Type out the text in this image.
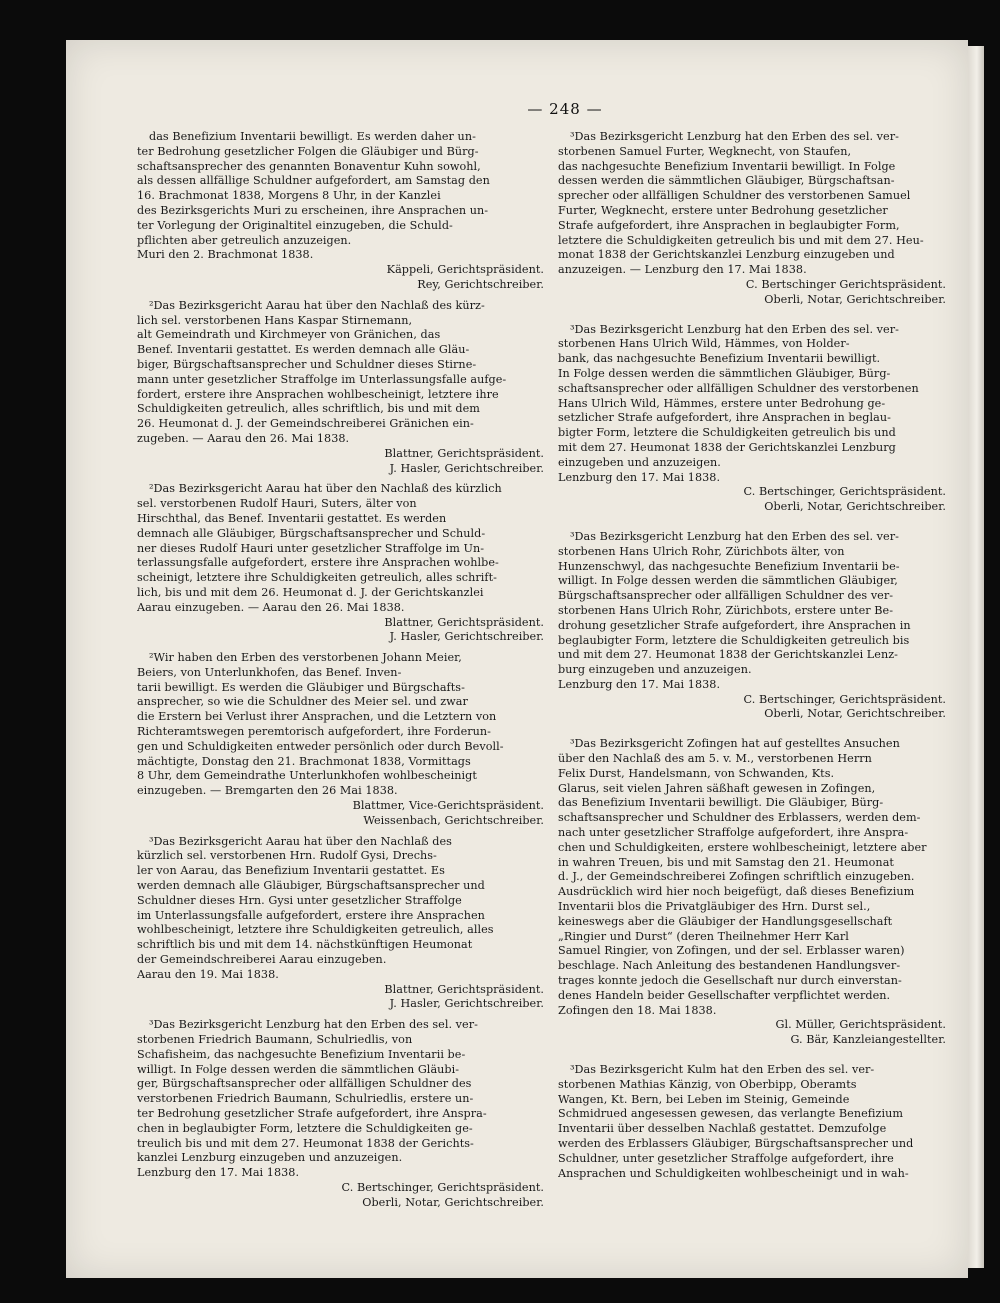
— 248 —
das Benefizium Inventarii bewilligt. Es werden daher un-
ter Bedrohung gesetzlicher Folgen die Gläubiger und Bürg-
schaftsansprecher des genannten Bonaventur Kuhn sowohl,
als dessen allfällige Schuldner aufgefordert, am Samstag den
16. Brachmonat 1838, Morgens 8 Uhr, in der Kanzlei
des Bezirksgerichts Muri zu erscheinen, ihre Ansprachen un-
ter Vorlegung der Originaltitel einzugeben, die Schuld-
pflichten aber getreulich anzuzeigen.
Muri den 2. Brachmonat 1838.
Käppeli, Gerichtspräsident.
Rey, Gerichtschreiber.
²Das Bezirksgericht Aarau hat über den Nachlaß des kürz-
lich sel. verstorbenen Hans Kaspar Stirnemann,
alt Gemeindrath und Kirchmeyer von Gränichen, das
Benef. Inventarii gestattet. Es werden demnach alle Gläu-
biger, Bürgschaftsansprecher und Schuldner dieses Stirne-
mann unter gesetzlicher Straffolge im Unterlassungsfalle aufge-
fordert, erstere ihre Ansprachen wohlbescheinigt, letztere ihre
Schuldigkeiten getreulich, alles schriftlich, bis und mit dem
26. Heumonat d. J. der Gemeindschreiberei Gränichen ein-
zugeben. — Aarau den 26. Mai 1838.
Blattner, Gerichtspräsident.
J. Hasler, Gerichtschreiber.
²Das Bezirksgericht Aarau hat über den Nachlaß des kürzlich
sel. verstorbenen Rudolf Hauri, Suters, älter von
Hirschthal, das Benef. Inventarii gestattet. Es werden
demnach alle Gläubiger, Bürgschaftsansprecher und Schuld-
ner dieses Rudolf Hauri unter gesetzlicher Straffolge im Un-
terlassungsfalle aufgefordert, erstere ihre Ansprachen wohlbe-
scheinigt, letztere ihre Schuldigkeiten getreulich, alles schrift-
lich, bis und mit dem 26. Heumonat d. J. der Gerichtskanzlei
Aarau einzugeben. — Aarau den 26. Mai 1838.
Blattner, Gerichtspräsident.
J. Hasler, Gerichtschreiber.
²Wir haben den Erben des verstorbenen Johann Meier,
Beiers, von Unterlunkhofen, das Benef. Inven-
tarii bewilligt. Es werden die Gläubiger und Bürgschafts-
ansprecher, so wie die Schuldner des Meier sel. und zwar
die Erstern bei Verlust ihrer Ansprachen, und die Letztern von
Richteramtswegen peremtorisch aufgefordert, ihre Forderun-
gen und Schuldigkeiten entweder persönlich oder durch Bevoll-
mächtigte, Donstag den 21. Brachmonat 1838, Vormittags
8 Uhr, dem Gemeindrathe Unterlunkhofen wohlbescheinigt
einzugeben. — Bremgarten den 26 Mai 1838.
Blattmer, Vice-Gerichtspräsident.
Weissenbach, Gerichtschreiber.
³Das Bezirksgericht Aarau hat über den Nachlaß des
kürzlich sel. verstorbenen Hrn. Rudolf Gysi, Drechs-
ler von Aarau, das Benefizium Inventarii gestattet. Es
werden demnach alle Gläubiger, Bürgschaftsansprecher und
Schuldner dieses Hrn. Gysi unter gesetzlicher Straffolge
im Unterlassungsfalle aufgefordert, erstere ihre Ansprachen
wohlbescheinigt, letztere ihre Schuldigkeiten getreulich, alles
schriftlich bis und mit dem 14. nächstkünftigen Heumonat
der Gemeindschreiberei Aarau einzugeben.
Aarau den 19. Mai 1838.
Blattner, Gerichtspräsident.
J. Hasler, Gerichtschreiber.
³Das Bezirksgericht Lenzburg hat den Erben des sel. ver-
storbenen Friedrich Baumann, Schulriedlis, von
Schafisheim, das nachgesuchte Benefizium Inventarii be-
willigt. In Folge dessen werden die sämmtlichen Gläubi-
ger, Bürgschaftsansprecher oder allfälligen Schuldner des
verstorbenen Friedrich Baumann, Schulriedlis, erstere un-
ter Bedrohung gesetzlicher Strafe aufgefordert, ihre Anspra-
chen in beglaubigter Form, letztere die Schuldigkeiten ge-
treulich bis und mit dem 27. Heumonat 1838 der Gerichts-
kanzlei Lenzburg einzugeben und anzuzeigen.
Lenzburg den 17. Mai 1838.
C. Bertschinger, Gerichtspräsident.
Oberli, Notar, Gerichtschreiber.
³Das Bezirksgericht Lenzburg hat den Erben des sel. ver-
storbenen Samuel Furter, Wegknecht, von Staufen,
das nachgesuchte Benefizium Inventarii bewilligt. In Folge
dessen werden die sämmtlichen Gläubiger, Bürgschaftsan-
sprecher oder allfälligen Schuldner des verstorbenen Samuel
Furter, Wegknecht, erstere unter Bedrohung gesetzlicher
Strafe aufgefordert, ihre Ansprachen in beglaubigter Form,
letztere die Schuldigkeiten getreulich bis und mit dem 27. Heu-
monat 1838 der Gerichtskanzlei Lenzburg einzugeben und
anzuzeigen. — Lenzburg den 17. Mai 1838.
C. Bertschinger Gerichtspräsident.
Oberli, Notar, Gerichtschreiber.
³Das Bezirksgericht Lenzburg hat den Erben des sel. ver-
storbenen Hans Ulrich Wild, Hämmes, von Holder-
bank, das nachgesuchte Benefizium Inventarii bewilligt.
In Folge dessen werden die sämmtlichen Gläubiger, Bürg-
schaftsansprecher oder allfälligen Schuldner des verstorbenen
Hans Ulrich Wild, Hämmes, erstere unter Bedrohung ge-
setzlicher Strafe aufgefordert, ihre Ansprachen in beglau-
bigter Form, letztere die Schuldigkeiten getreulich bis und
mit dem 27. Heumonat 1838 der Gerichtskanzlei Lenzburg
einzugeben und anzuzeigen.
Lenzburg den 17. Mai 1838.
C. Bertschinger, Gerichtspräsident.
Oberli, Notar, Gerichtschreiber.
³Das Bezirksgericht Lenzburg hat den Erben des sel. ver-
storbenen Hans Ulrich Rohr, Zürichbots älter, von
Hunzenschwyl, das nachgesuchte Benefizium Inventarii be-
willigt. In Folge dessen werden die sämmtlichen Gläubiger,
Bürgschaftsansprecher oder allfälligen Schuldner des ver-
storbenen Hans Ulrich Rohr, Zürichbots, erstere unter Be-
drohung gesetzlicher Strafe aufgefordert, ihre Ansprachen in
beglaubigter Form, letztere die Schuldigkeiten getreulich bis
und mit dem 27. Heumonat 1838 der Gerichtskanzlei Lenz-
burg einzugeben und anzuzeigen.
Lenzburg den 17. Mai 1838.
C. Bertschinger, Gerichtspräsident.
Oberli, Notar, Gerichtschreiber.
³Das Bezirksgericht Zofingen hat auf gestelltes Ansuchen
über den Nachlaß des am 5. v. M., verstorbenen Herrn
Felix Durst, Handelsmann, von Schwanden, Kts.
Glarus, seit vielen Jahren säßhaft gewesen in Zofingen,
das Benefizium Inventarii bewilligt. Die Gläubiger, Bürg-
schaftsansprecher und Schuldner des Erblassers, werden dem-
nach unter gesetzlicher Straffolge aufgefordert, ihre Anspra-
chen und Schuldigkeiten, erstere wohlbescheinigt, letztere aber
in wahren Treuen, bis und mit Samstag den 21. Heumonat
d. J., der Gemeindschreiberei Zofingen schriftlich einzugeben.
Ausdrücklich wird hier noch beigefügt, daß dieses Benefizium
Inventarii blos die Privatgläubiger des Hrn. Durst sel.,
keineswegs aber die Gläubiger der Handlungsgesellschaft
„Ringier und Durst“ (deren Theilnehmer Herr Karl
Samuel Ringier, von Zofingen, und der sel. Erblasser waren)
beschlage. Nach Anleitung des bestandenen Handlungsver-
trages konnte jedoch die Gesellschaft nur durch einverstan-
denes Handeln beider Gesellschafter verpflichtet werden.
Zofingen den 18. Mai 1838.
Gl. Müller, Gerichtspräsident.
G. Bär, Kanzleiangestellter.
³Das Bezirksgericht Kulm hat den Erben des sel. ver-
storbenen Mathias Känzig, von Oberbipp, Oberamts
Wangen, Kt. Bern, bei Leben im Steinig, Gemeinde
Schmidrued angesessen gewesen, das verlangte Benefizium
Inventarii über desselben Nachlaß gestattet. Demzufolge
werden des Erblassers Gläubiger, Bürgschaftsansprecher und
Schuldner, unter gesetzlicher Straffolge aufgefordert, ihre
Ansprachen und Schuldigkeiten wohlbescheinigt und in wah-
